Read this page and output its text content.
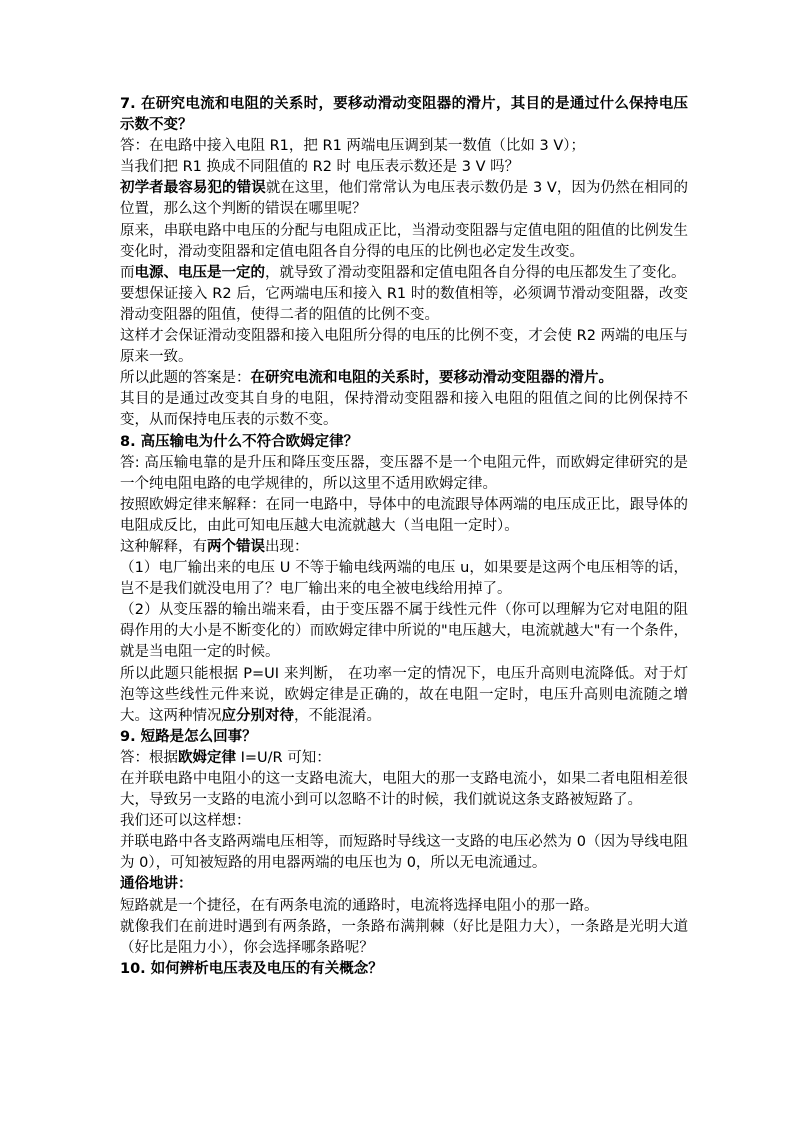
7. 在研究电流和电阻的关系时，要移动滑动变阻器的滑片，其目的是通过什么保持电压示数不变？

答：在电路中接入电阻 R1，把 R1 两端电压调到某一数值（比如 3 V）；

当我们把 R1 换成不同阻值的 R2 时 电压表示数还是 3 V 吗？

初学者最容易犯的错误就在这里，他们常常认为电压表示数仍是 3 V，因为仍然在相同的位置，那么这个判断的错误在哪里呢？

原来，串联电路中电压的分配与电阻成正比，当滑动变阻器与定值电阻的阻值的比例发生变化时，滑动变阻器和定值电阻各自分得的电压的比例也必定发生改变。

而电源、电压是一定的，就导致了滑动变阻器和定值电阻各自分得的电压都发生了变化。

要想保证接入 R2 后，它两端电压和接入 R1 时的数值相等，必须调节滑动变阻器，改变滑动变阻器的阻值，使得二者的阻值的比例不变。

这样才会保证滑动变阻器和接入电阻所分得的电压的比例不变，才会使 R2 两端的电压与原来一致。

所以此题的答案是：在研究电流和电阻的关系时，要移动滑动变阻器的滑片。

其目的是通过改变其自身的电阻，保持滑动变阻器和接入电阻的阻值之间的比例保持不变，从而保持电压表的示数不变。

8. 高压输电为什么不符合欧姆定律？

答: 高压输电靠的是升压和降压变压器，变压器不是一个电阻元件，而欧姆定律研究的是一个纯电阻电路的电学规律的，所以这里不适用欧姆定律。

按照欧姆定律来解释：在同一电路中，导体中的电流跟导体两端的电压成正比，跟导体的电阻成反比，由此可知电压越大电流就越大（当电阻一定时）。

这种解释，有两个错误出现：

（1）电厂输出来的电压 U 不等于输电线两端的电压 u，如果要是这两个电压相等的话，岂不是我们就没电用了？电厂输出来的电全被电线给用掉了。

（2）从变压器的输出端来看，由于变压器不属于线性元件（你可以理解为它对电阻的阻碍作用的大小是不断变化的）而欧姆定律中所说的"电压越大，电流就越大"有一个条件，就是当电阻一定的时候。

所以此题只能根据 P=UI 来判断， 在功率一定的情况下，电压升高则电流降低。对于灯泡等这些线性元件来说，欧姆定律是正确的，故在电阻一定时，电压升高则电流随之增大。这两种情况应分别对待，不能混淆。

9. 短路是怎么回事？

答：根据欧姆定律 I=U/R 可知：

在并联电路中电阻小的这一支路电流大，电阻大的那一支路电流小，如果二者电阻相差很大，导致另一支路的电流小到可以忽略不计的时候，我们就说这条支路被短路了。

我们还可以这样想：

并联电路中各支路两端电压相等，而短路时导线这一支路的电压必然为 0（因为导线电阻为 0），可知被短路的用电器两端的电压也为 0，所以无电流通过。

通俗地讲：

短路就是一个捷径，在有两条电流的通路时，电流将选择电阻小的那一路。

就像我们在前进时遇到有两条路，一条路布满荆棘（好比是阻力大），一条路是光明大道（好比是阻力小），你会选择哪条路呢？

10. 如何辨析电压表及电压的有关概念？
